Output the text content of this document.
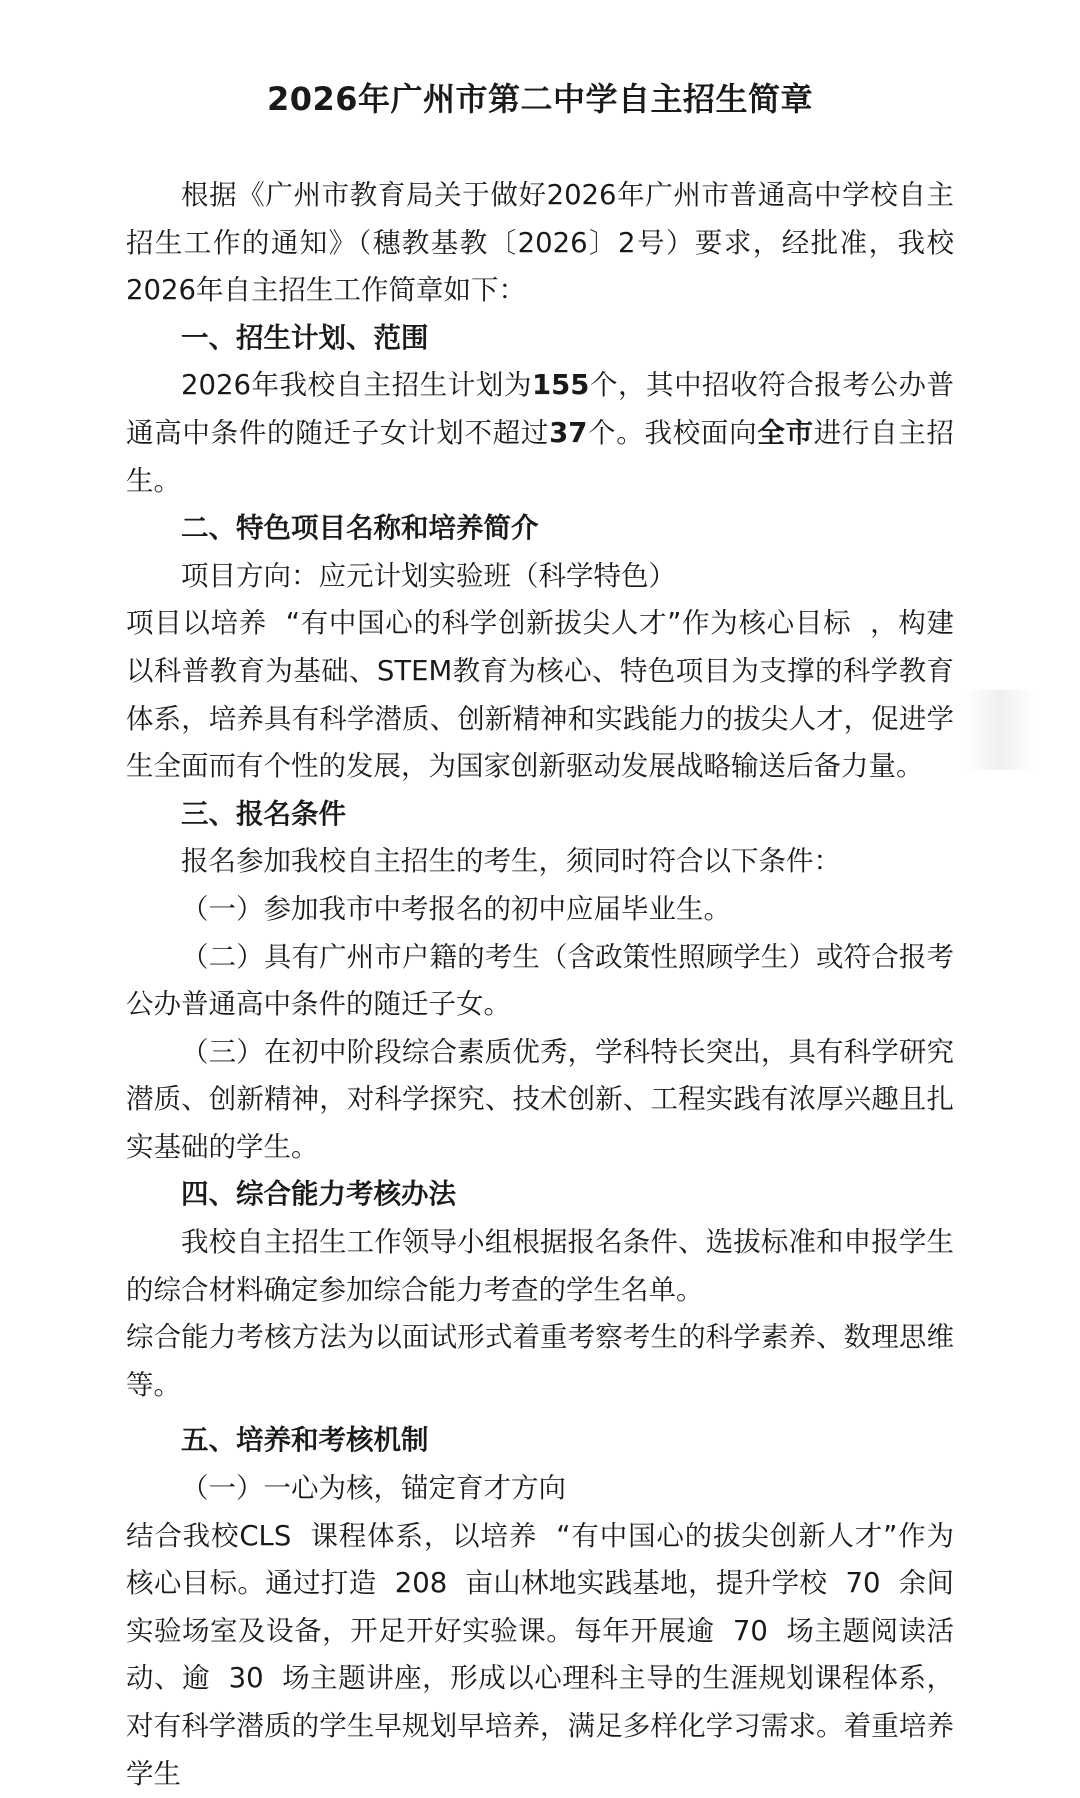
2026年广州市第二中学自主招生简章

根据《广州市教育局关于做好2026年广州市普通高中学校自主招生工作的通知》（穗教基教〔2026〕2号）要求，经批准，我校2026年自主招生工作简章如下：

一、招生计划、范围

2026年我校自主招生计划为155个，其中招收符合报考公办普通高中条件的随迁子女计划不超过37个。我校面向全市进行自主招生。

二、特色项目名称和培养简介

项目方向：应元计划实验班（科学特色）

项目以培养  “有中国心的科学创新拔尖人才”作为核心目标  ，构建以科普教育为基础、STEM教育为核心、特色项目为支撑的科学教育体系，培养具有科学潜质、创新精神和实践能力的拔尖人才，促进学生全面而有个性的发展，为国家创新驱动发展战略输送后备力量。

三、报名条件

报名参加我校自主招生的考生，须同时符合以下条件：

（一）参加我市中考报名的初中应届毕业生。

（二）具有广州市户籍的考生（含政策性照顾学生）或符合报考公办普通高中条件的随迁子女。

（三）在初中阶段综合素质优秀，学科特长突出，具有科学研究潜质、创新精神，对科学探究、技术创新、工程实践有浓厚兴趣且扎实基础的学生。

四、综合能力考核办法

我校自主招生工作领导小组根据报名条件、选拔标准和申报学生的综合材料确定参加综合能力考查的学生名单。

综合能力考核方法为以面试形式着重考察考生的科学素养、数理思维等。

五、培养和考核机制

（一）一心为核，锚定育才方向

结合我校CLS  课程体系，以培养  “有中国心的拔尖创新人才”作为核心目标。通过打造  208  亩山林地实践基地，提升学校  70  余间实验场室及设备，开足开好实验课。每年开展逾  70  场主题阅读活动、逾  30  场主题讲座，形成以心理科主导的生涯规划课程体系，对有科学潜质的学生早规划早培养，满足多样化学习需求。着重培养学生
